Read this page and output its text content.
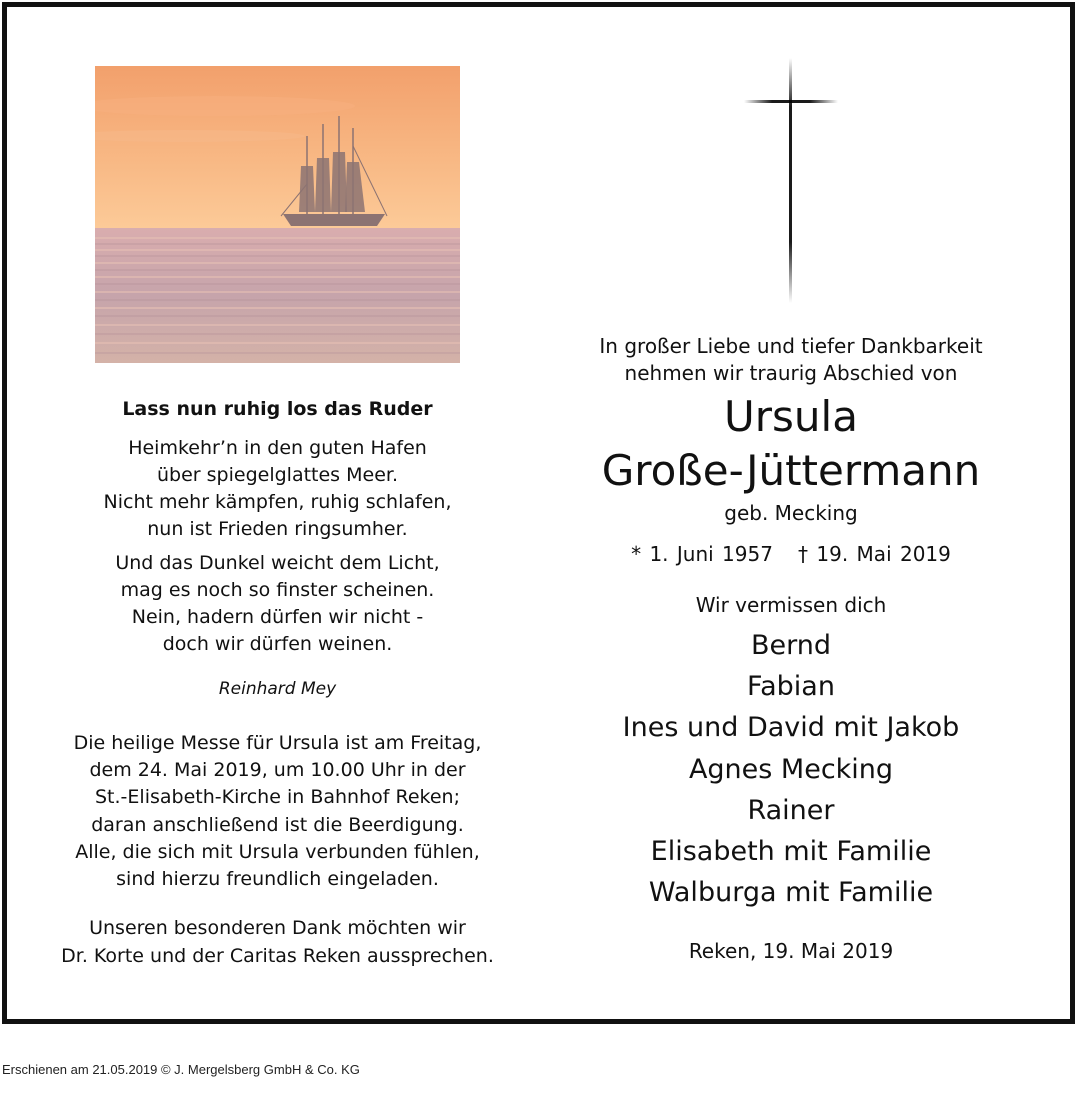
Lass nun ruhig los das Ruder
Heimkehr’n in den guten Hafen
über spiegelglattes Meer.
Nicht mehr kämpfen, ruhig schlafen,
nun ist Frieden ringsumher.
Und das Dunkel weicht dem Licht,
mag es noch so finster scheinen.
Nein, hadern dürfen wir nicht -
doch wir dürfen weinen.
Reinhard Mey
Die heilige Messe für Ursula ist am Freitag,
dem 24. Mai 2019, um 10.00 Uhr in der
St.-Elisabeth-Kirche in Bahnhof Reken;
daran anschließend ist die Beerdigung.
Alle, die sich mit Ursula verbunden fühlen,
sind hierzu freundlich eingeladen.
Unseren besonderen Dank möchten wir
Dr. Korte und der Caritas Reken aussprechen.
In großer Liebe und tiefer Dankbarkeit
nehmen wir traurig Abschied von
Ursula
Große-Jüttermann
geb. Mecking
* 1. Juni 1957 † 19. Mai 2019
Wir vermissen dich
Bernd
Fabian
Ines und David mit Jakob
Agnes Mecking
Rainer
Elisabeth mit Familie
Walburga mit Familie
Reken, 19. Mai 2019
Erschienen am 21.05.2019 © J. Mergelsberg GmbH & Co. KG
